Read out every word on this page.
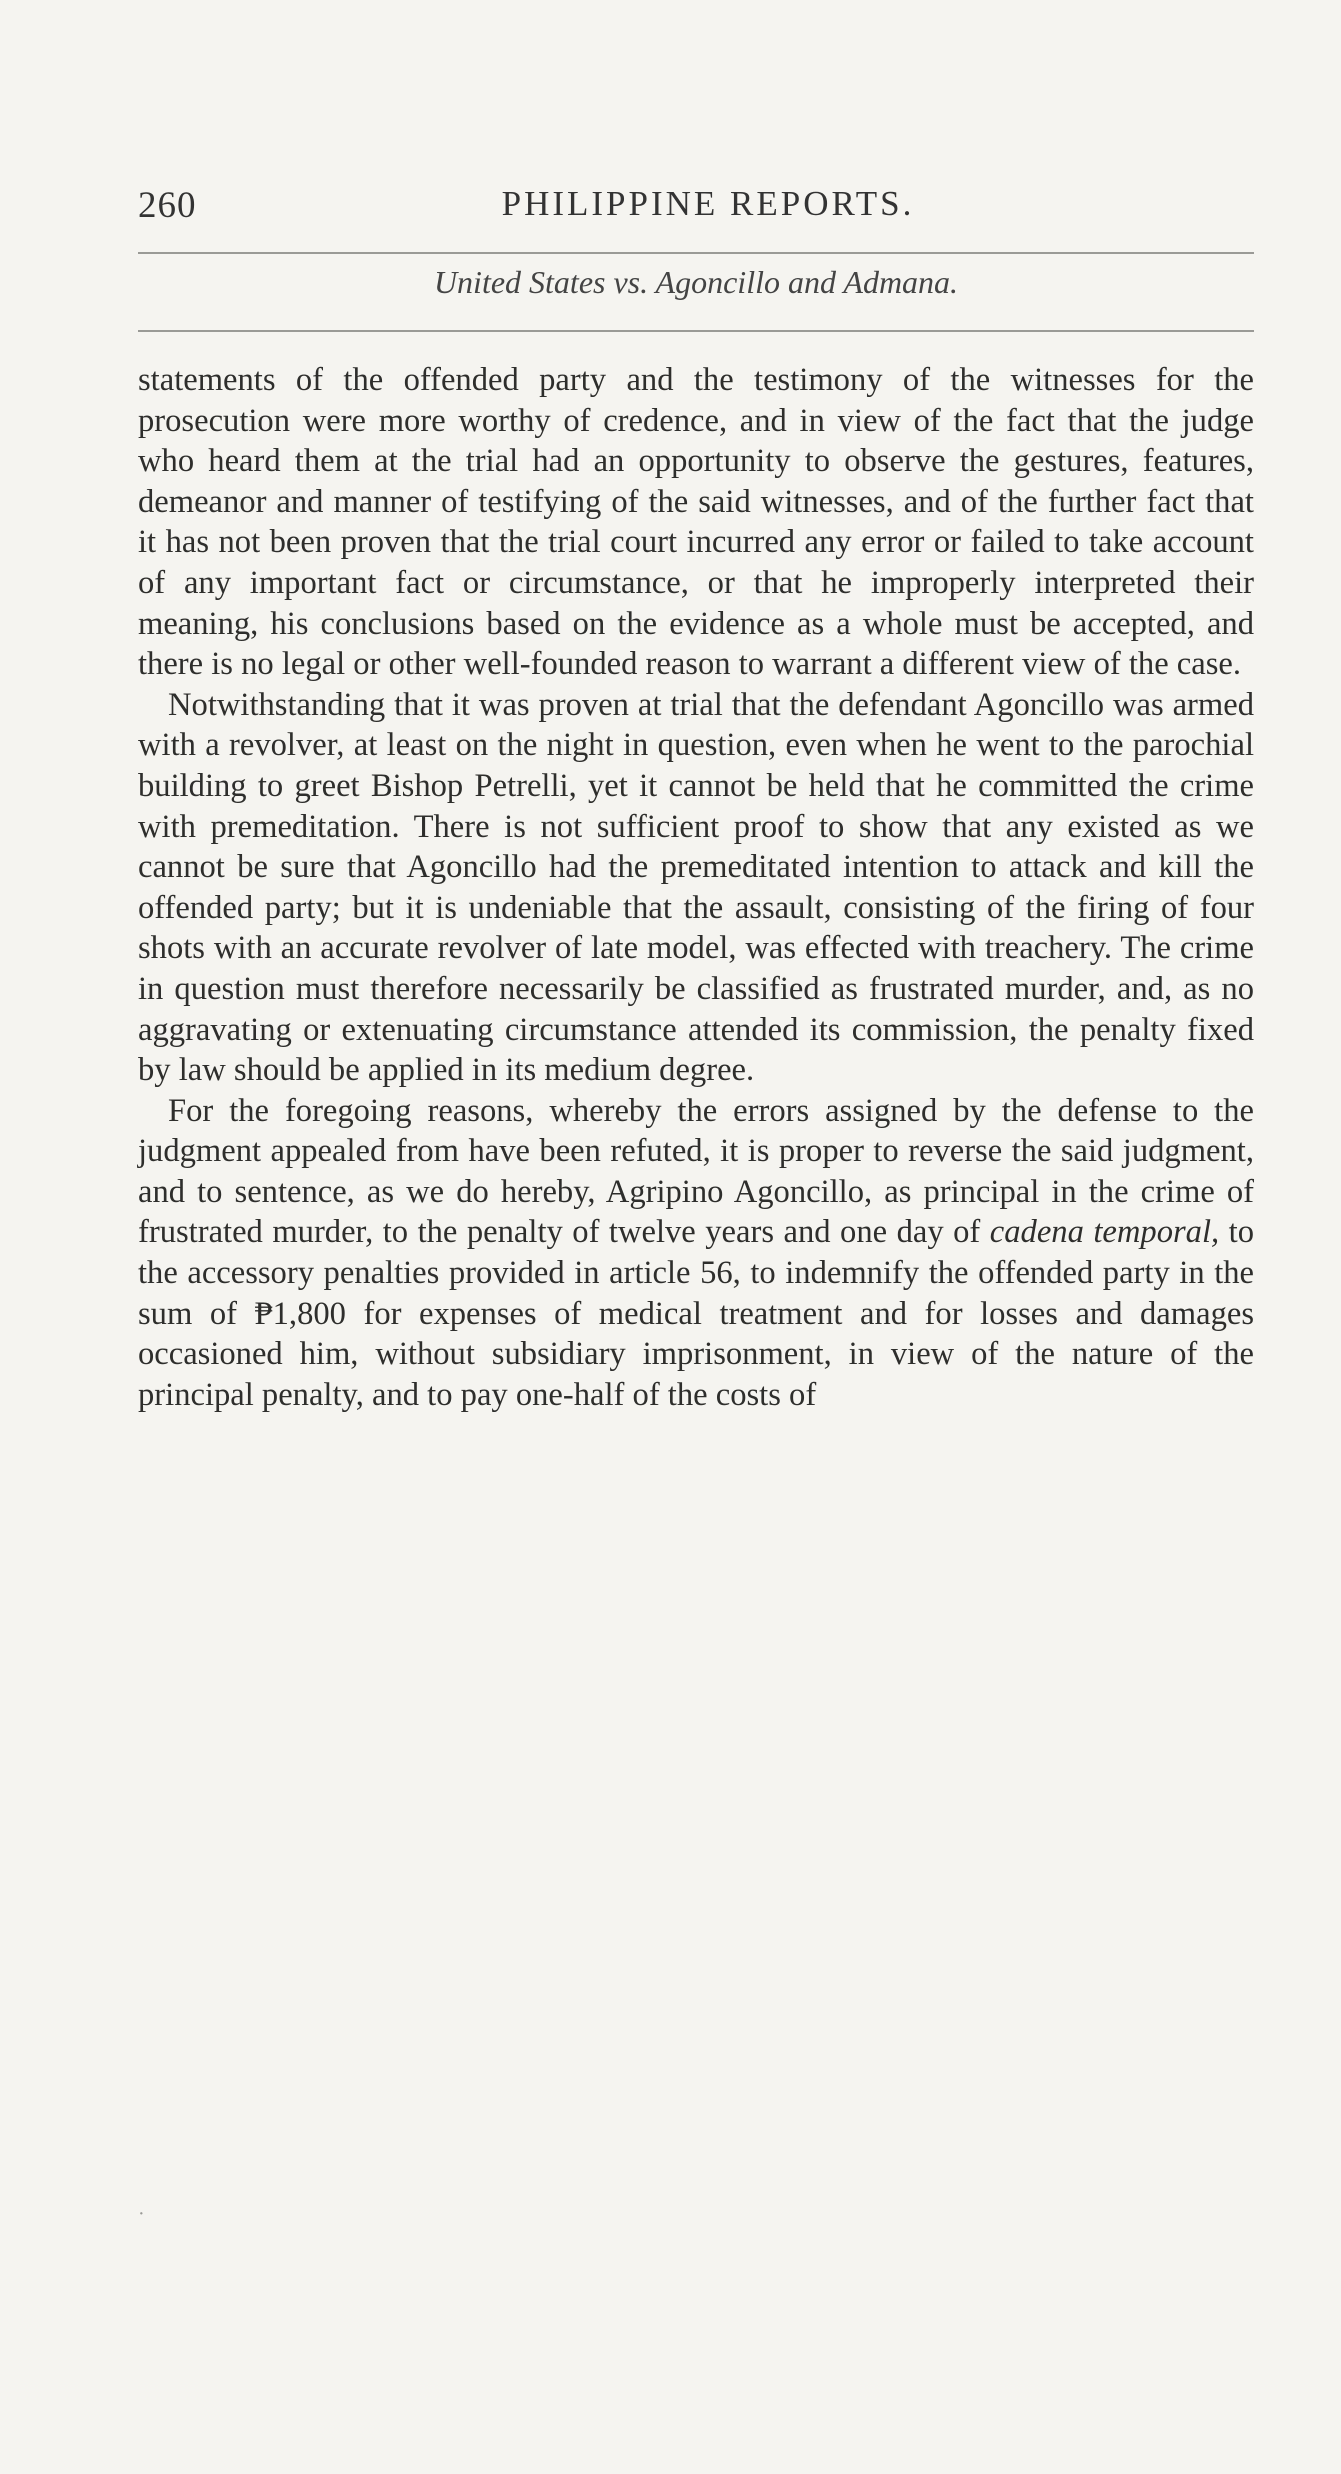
260	PHILIPPINE REPORTS.
United States vs. Agoncillo and Admana.

statements of the offended party and the testimony of the witnesses for the prosecution were more worthy of credence, and in view of the fact that the judge who heard them at the trial had an opportunity to observe the gestures, features, demeanor and manner of testifying of the said witnesses, and of the further fact that it has not been proven that the trial court incurred any error or failed to take account of any important fact or circumstance, or that he improperly interpreted their meaning, his conclusions based on the evidence as a whole must be accepted, and there is no legal or other well-founded reason to warrant a different view of the case.

Notwithstanding that it was proven at trial that the defendant Agoncillo was armed with a revolver, at least on the night in question, even when he went to the parochial building to greet Bishop Petrelli, yet it cannot be held that he committed the crime with premeditation. There is not sufficient proof to show that any existed as we cannot be sure that Agoncillo had the premeditated intention to attack and kill the offended party; but it is undeniable that the assault, consisting of the firing of four shots with an accurate revolver of late model, was effected with treachery. The crime in question must therefore necessarily be classified as frustrated murder, and, as no aggravating or extenuating circumstance attended its commission, the penalty fixed by law should be applied in its medium degree.

For the foregoing reasons, whereby the errors assigned by the defense to the judgment appealed from have been refuted, it is proper to reverse the said judgment, and to sentence, as we do hereby, Agripino Agoncillo, as principal in the crime of frustrated murder, to the penalty of twelve years and one day of cadena temporal, to the accessory penalties provided in article 56, to indemnify the offended party in the sum of ₱1,800 for expenses of medical treatment and for losses and damages occasioned him, without subsidiary imprisonment, in view of the nature of the principal penalty, and to pay one-half of the costs of

·
